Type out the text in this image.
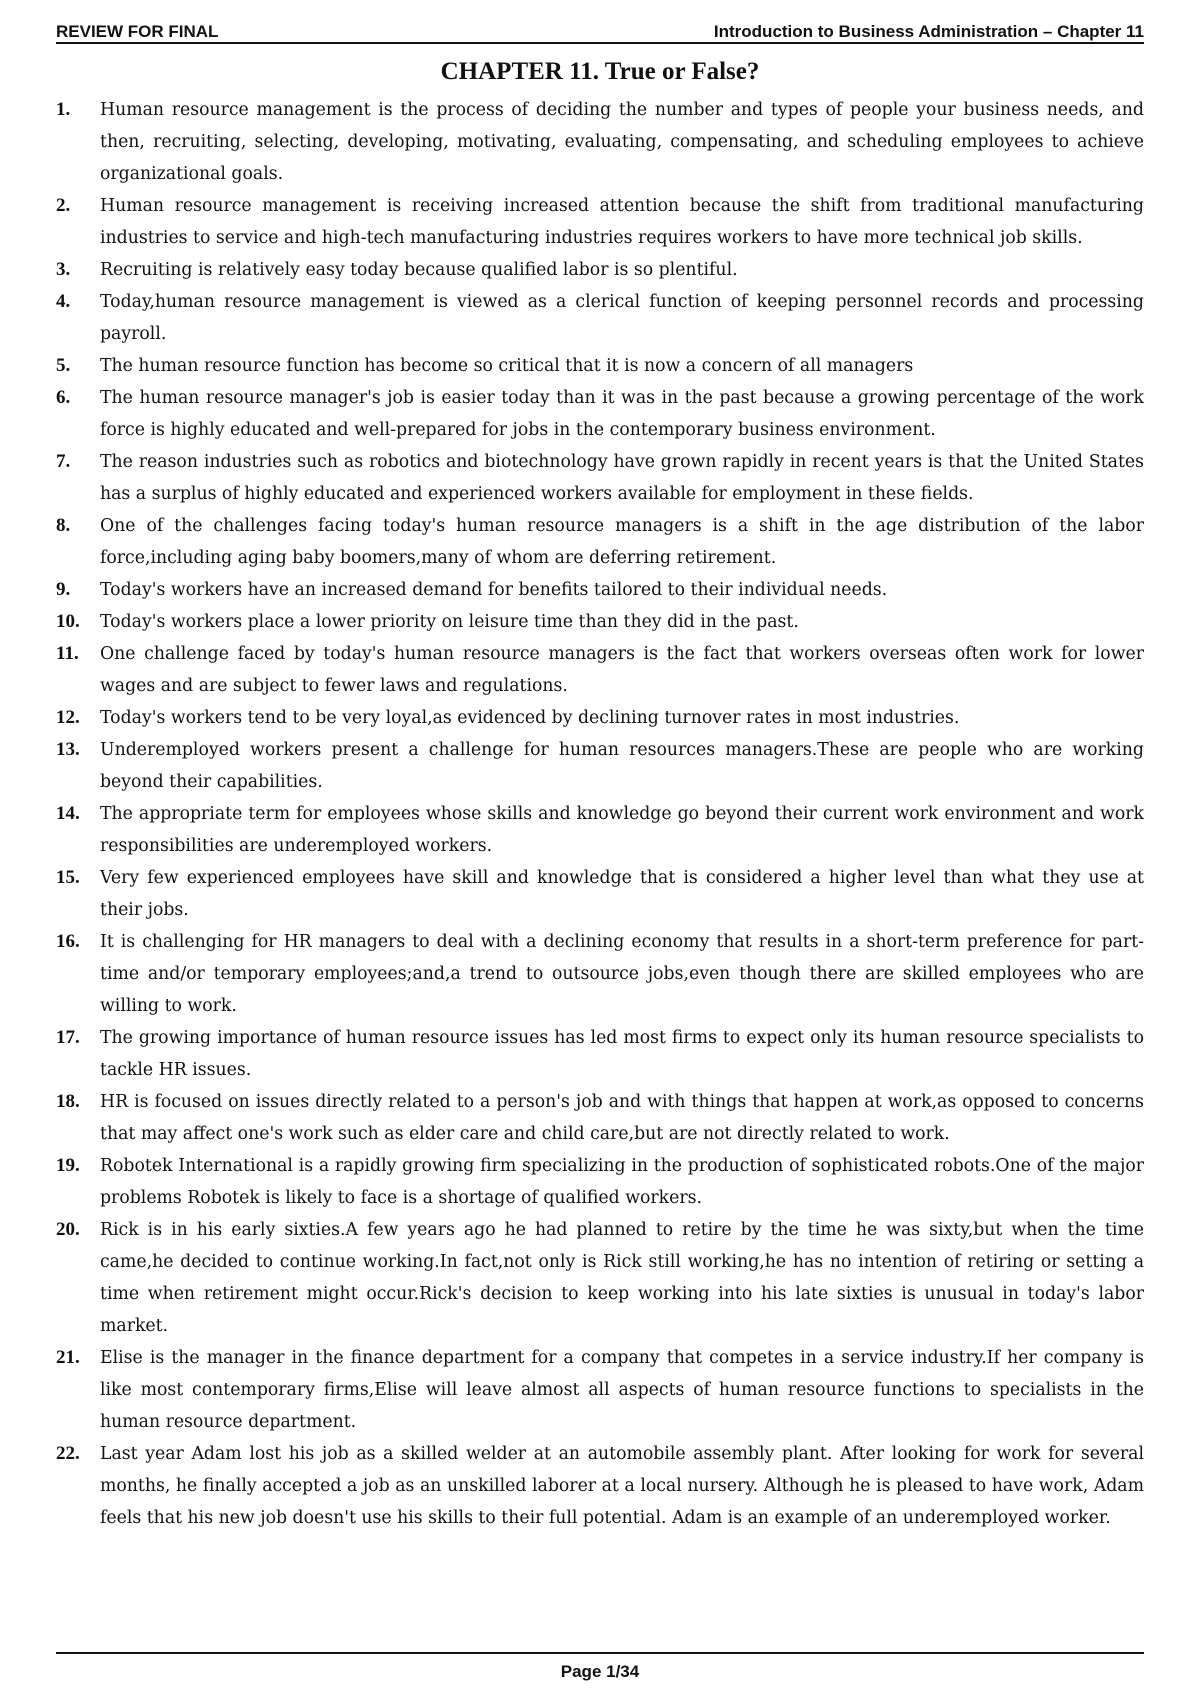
REVIEW FOR FINAL	Introduction to Business Administration – Chapter 11
CHAPTER 11. True or False?
1.	Human resource management is the process of deciding the number and types of people your business needs, and then, recruiting, selecting, developing, motivating, evaluating, compensating, and scheduling employees to achieve organizational goals.
2.	Human resource management is receiving increased attention because the shift from traditional manufacturing industries to service and high-tech manufacturing industries requires workers to have more technical job skills.
3.	Recruiting is relatively easy today because qualified labor is so plentiful.
4.	Today,human resource management is viewed as a clerical function of keeping personnel records and processing payroll.
5.	The human resource function has become so critical that it is now a concern of all managers
6.	The human resource manager's job is easier today than it was in the past because a growing percentage of the work force is highly educated and well-prepared for jobs in the contemporary business environment.
7.	The reason industries such as robotics and biotechnology have grown rapidly in recent years is that the United States has a surplus of highly educated and experienced workers available for employment in these fields.
8.	One of the challenges facing today's human resource managers is a shift in the age distribution of the labor force,including aging baby boomers,many of whom are deferring retirement.
9.	Today's workers have an increased demand for benefits tailored to their individual needs.
10.	Today's workers place a lower priority on leisure time than they did in the past.
11.	One challenge faced by today's human resource managers is the fact that workers overseas often work for lower wages and are subject to fewer laws and regulations.
12.	Today's workers tend to be very loyal,as evidenced by declining turnover rates in most industries.
13.	Underemployed workers present a challenge for human resources managers.These are people who are working beyond their capabilities.
14.	The appropriate term for employees whose skills and knowledge go beyond their current work environment and work responsibilities are underemployed workers.
15.	Very few experienced employees have skill and knowledge that is considered a higher level than what they use at their jobs.
16.	It is challenging for HR managers to deal with a declining economy that results in a short-term preference for part-time and/or temporary employees;and,a trend to outsource jobs,even though there are skilled employees who are willing to work.
17.	The growing importance of human resource issues has led most firms to expect only its human resource specialists to tackle HR issues.
18.	HR is focused on issues directly related to a person's job and with things that happen at work,as opposed to concerns that may affect one's work such as elder care and child care,but are not directly related to work.
19.	Robotek International is a rapidly growing firm specializing in the production of sophisticated robots.One of the major problems Robotek is likely to face is a shortage of qualified workers.
20.	Rick is in his early sixties.A few years ago he had planned to retire by the time he was sixty,but when the time came,he decided to continue working.In fact,not only is Rick still working,he has no intention of retiring or setting a time when retirement might occur.Rick's decision to keep working into his late sixties is unusual in today's labor market.
21.	Elise is the manager in the finance department for a company that competes in a service industry.If her company is like most contemporary firms,Elise will leave almost all aspects of human resource functions to specialists in the human resource department.
22.	Last year Adam lost his job as a skilled welder at an automobile assembly plant. After looking for work for several months, he finally accepted a job as an unskilled laborer at a local nursery. Although he is pleased to have work, Adam feels that his new job doesn't use his skills to their full potential. Adam is an example of an underemployed worker.
Page 1/34
